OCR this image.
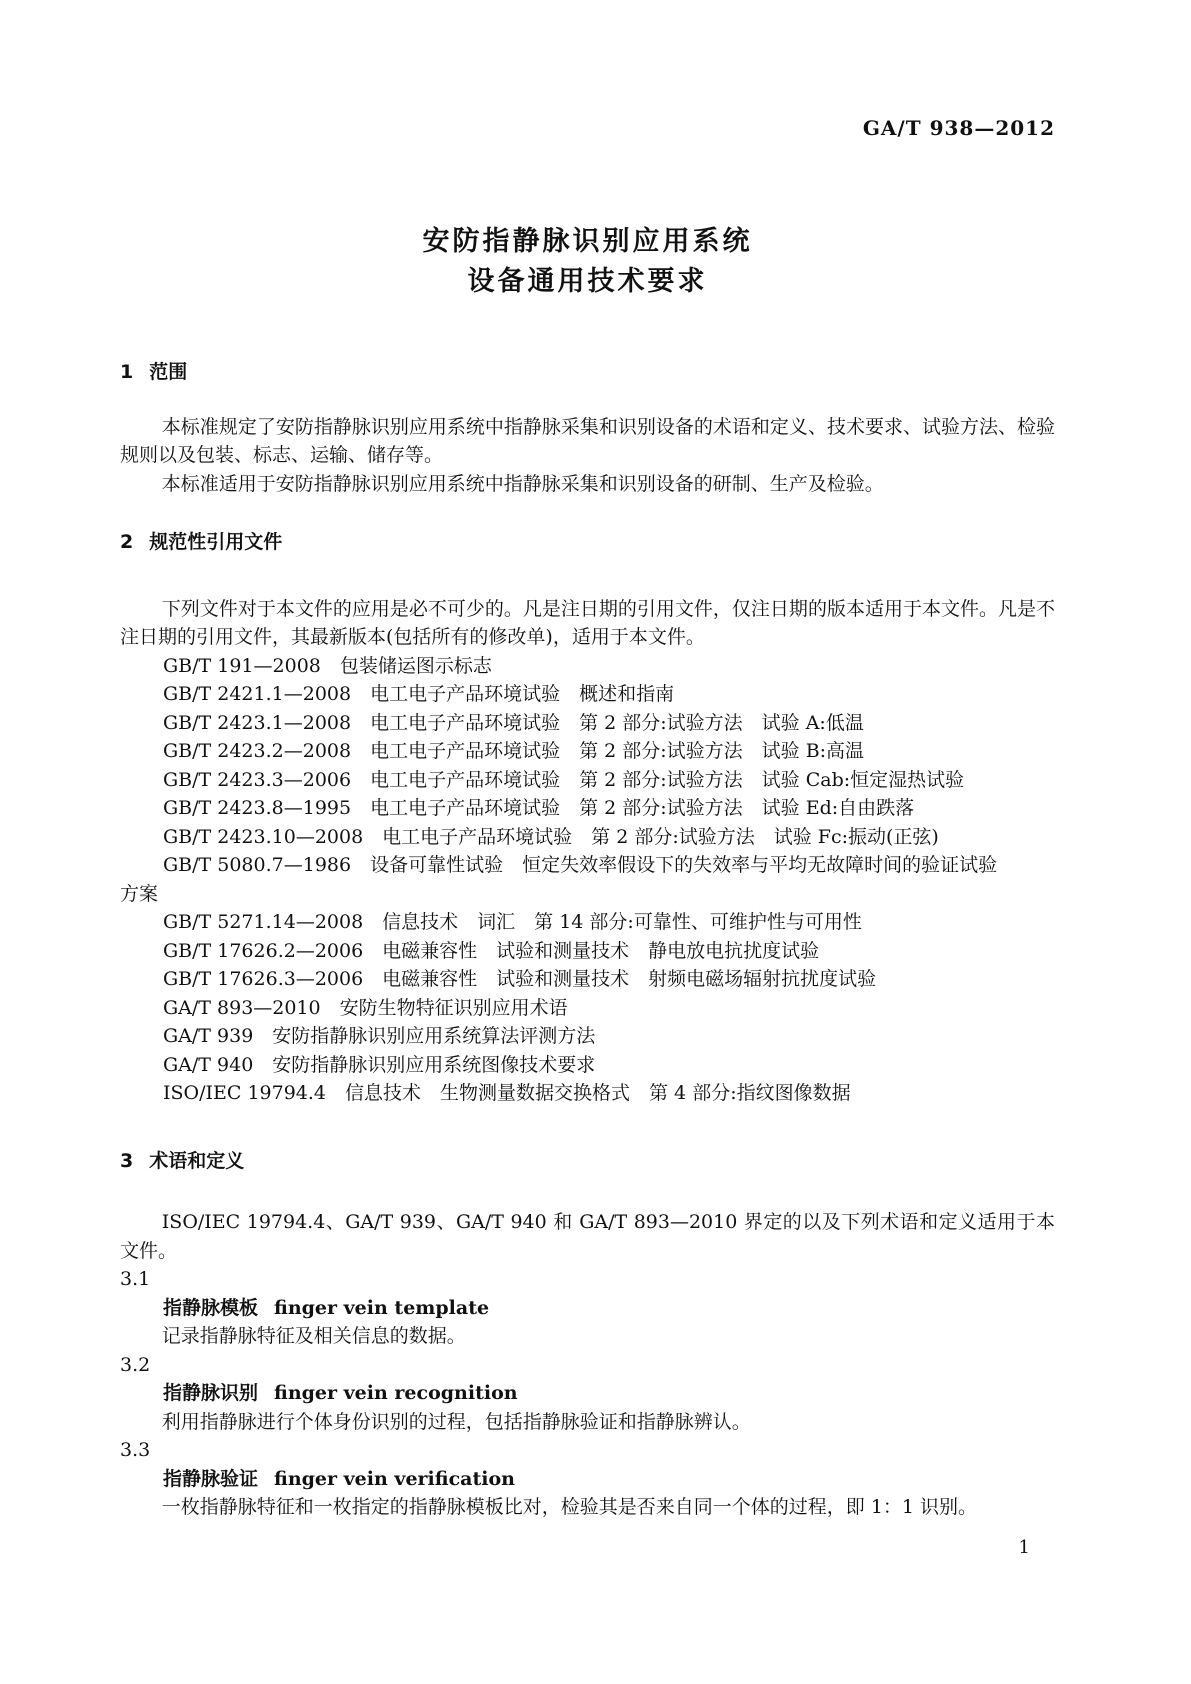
GA/T 938—2012
安防指静脉识别应用系统
设备通用技术要求
1 范围

本标准规定了安防指静脉识别应用系统中指静脉采集和识别设备的术语和定义、技术要求、试验方法、检验规则以及包装、标志、运输、储存等。

本标准适用于安防指静脉识别应用系统中指静脉采集和识别设备的研制、生产及检验。

2 规范性引用文件

下列文件对于本文件的应用是必不可少的。凡是注日期的引用文件，仅注日期的版本适用于本文件。凡是不注日期的引用文件，其最新版本(包括所有的修改单)，适用于本文件。

GB/T 191—2008　包装储运图示标志
GB/T 2421.1—2008　电工电子产品环境试验　概述和指南
GB/T 2423.1—2008　电工电子产品环境试验　第 2 部分:试验方法　试验 A:低温
GB/T 2423.2—2008　电工电子产品环境试验　第 2 部分:试验方法　试验 B:高温
GB/T 2423.3—2006　电工电子产品环境试验　第 2 部分:试验方法　试验 Cab:恒定湿热试验
GB/T 2423.8—1995　电工电子产品环境试验　第 2 部分:试验方法　试验 Ed:自由跌落
GB/T 2423.10—2008　电工电子产品环境试验　第 2 部分:试验方法　试验 Fc:振动(正弦)
GB/T 5080.7—1986　设备可靠性试验　恒定失效率假设下的失效率与平均无故障时间的验证试验
方案
GB/T 5271.14—2008　信息技术　词汇　第 14 部分:可靠性、可维护性与可用性
GB/T 17626.2—2006　电磁兼容性　试验和测量技术　静电放电抗扰度试验
GB/T 17626.3—2006　电磁兼容性　试验和测量技术　射频电磁场辐射抗扰度试验
GA/T 893—2010　安防生物特征识别应用术语
GA/T 939　安防指静脉识别应用系统算法评测方法
GA/T 940　安防指静脉识别应用系统图像技术要求
ISO/IEC 19794.4　信息技术　生物测量数据交换格式　第 4 部分:指纹图像数据
3 术语和定义

ISO/IEC 19794.4、GA/T 939、GA/T 940 和 GA/T 893—2010 界定的以及下列术语和定义适用于本文件。

3.1
指静脉模板 finger vein template

记录指静脉特征及相关信息的数据。

3.2
指静脉识别 finger vein recognition

利用指静脉进行个体身份识别的过程，包括指静脉验证和指静脉辨认。

3.3
指静脉验证 finger vein verification

一枚指静脉特征和一枚指定的指静脉模板比对，检验其是否来自同一个体的过程，即 1：1 识别。

1
